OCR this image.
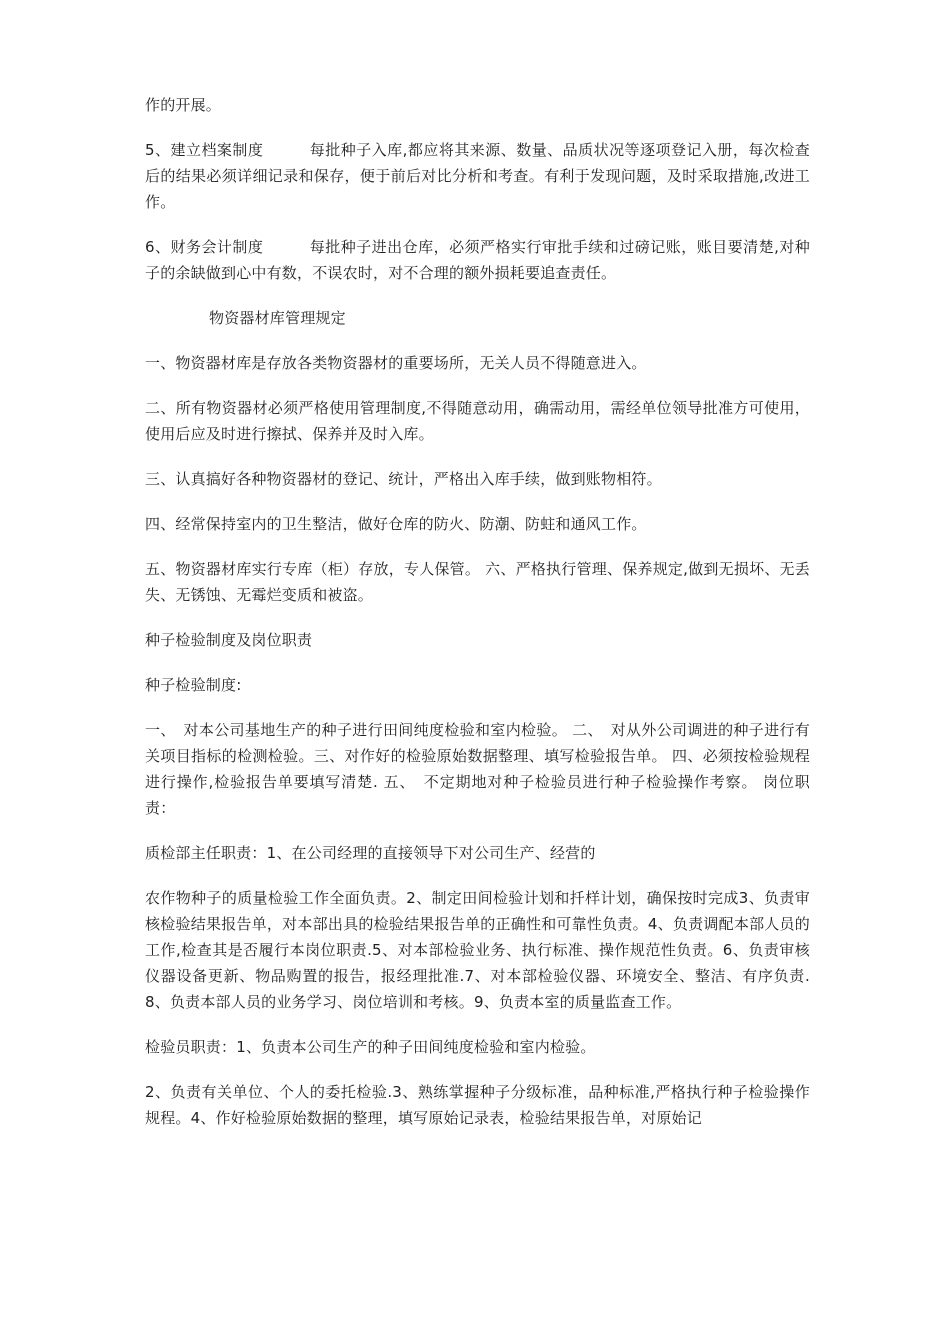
作的开展。

5、建立档案制度　　　每批种子入库,都应将其来源、数量、品质状况等逐项登记入册，每次检查后的结果必须详细记录和保存，便于前后对比分析和考查。有利于发现问题，及时采取措施,改进工作。

6、财务会计制度　　　每批种子进出仓库，必须严格实行审批手续和过磅记账，账目要清楚,对种子的余缺做到心中有数，不误农时，对不合理的额外损耗要追查责任。

物资器材库管理规定

一、物资器材库是存放各类物资器材的重要场所，无关人员不得随意进入。

二、所有物资器材必须严格使用管理制度,不得随意动用，确需动用，需经单位领导批准方可使用，使用后应及时进行擦拭、保养并及时入库。

三、认真搞好各种物资器材的登记、统计，严格出入库手续，做到账物相符。

四、经常保持室内的卫生整洁，做好仓库的防火、防潮、防蛀和通风工作。

五、物资器材库实行专库（柜）存放，专人保管。 六、严格执行管理、保养规定,做到无损坏、无丢失、无锈蚀、无霉烂变质和被盗。

种子检验制度及岗位职责

种子检验制度:

一、　对本公司基地生产的种子进行田间纯度检验和室内检验。 二、　对从外公司调进的种子进行有关项目指标的检测检验。三、对作好的检验原始数据整理、填写检验报告单。 四、必须按检验规程进行操作,检验报告单要填写清楚. 五、　不定期地对种子检验员进行种子检验操作考察。 岗位职责：

质检部主任职责：1、在公司经理的直接领导下对公司生产、经营的

农作物种子的质量检验工作全面负责。2、制定田间检验计划和扦样计划，确保按时完成3、负责审核检验结果报告单，对本部出具的检验结果报告单的正确性和可靠性负责。4、负责调配本部人员的工作,检查其是否履行本岗位职责.5、对本部检验业务、执行标准、操作规范性负责。6、负责审核仪器设备更新、物品购置的报告，报经理批准.7、对本部检验仪器、环境安全、整洁、有序负责.8、负责本部人员的业务学习、岗位培训和考核。9、负责本室的质量监查工作。

检验员职责：1、负责本公司生产的种子田间纯度检验和室内检验。

2、负责有关单位、个人的委托检验.3、熟练掌握种子分级标准，品种标准,严格执行种子检验操作规程。4、作好检验原始数据的整理，填写原始记录表，检验结果报告单，对原始记
